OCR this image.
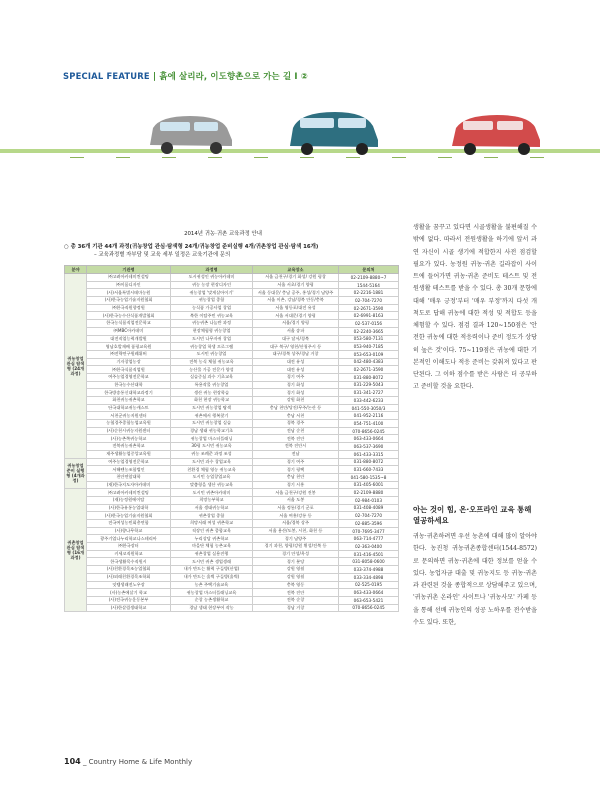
SPECIAL FEATURE | 흙에 살리라, 이도향촌으로 가는 길 Ⅰ ②
2014년 귀농·귀촌 교육과정 안내
○ 총 36개 기관 44개 과정(귀농창업 관심·탐색형 24개/귀농창업 준비실행 4개/귀촌창업 관심·탐색 16개)
– 교육과정별 자부담 및 교육 세부 일정은 교육기관에 문의
분야	기관명	과정명	교육장소	문의처
귀농창업 관심 탐색형 (24개과정)	㈜고려아카데미컨설팅	도시귀성인 귀농아카데미	서울 금천구/경기 화성/ 강원 평창	02-2109-8880~7
	㈜이룸디자인	귀농 농장 현장디자인	서울 서초/경기 양평	1544-5164
	(사)서울특별시테마농원	귀농창업 '맞게살아이기'	서울 동대문/ 충남 공주, 홍성/경기 남양주	02-2216-1881
	(사)한국농업기술지원협회	귀농창업 종합	서울 이촌, 강남/경북 안동/충북	02-704-7270
	㈜한국직원향정원	농식품 가공사업 창업	서울 영등포/대전 유성	02-2671-3590
	(사)한국농수산식품개발협회	북한 이탈주민 귀농교육	서울 서대문/경기 양평	02-6991-8163
	한국농식품직업전문학교	귀농귀촌 나눔반 과정	서울/경기 양평	02-537-0156
	㈜MBC아카데미	현장체험형 귀농창업	서울 송파	02-2240-3665
	대전직업능력개발원	도시민 나무자귀 창업	대구 달서/경북	053-580-7131
	영남호발재배 품평교육원	귀농창업 학생 프로그램	대구 북구/ 영천/산청주시 등	053-940-7185
	㈜전략연구원레위버	도시민 귀농창업	대구/경북 상주/경남 거창	053-653-0109
	기자창업농장	전북 농식 체험 귀농교육	대전 유성	042-480-4383
	㈜한국식품직업원	농산물 가공 전문가 양성	대전 유성	02-2671-3590
	여주농업경영전문학교	실습중심 과수 기초교육	경기 여주	031-880-8072
	한국농수산대학	특용작물 귀농창업	경기 화성	031-229-5043
	한국방송통신대학교과정기	생산 귀농 현장학습	경기 화성	031-341-2727
	화천귀농귀촌학교	화천 현장 귀농학교	강원 화천	033-442-6233
	단국대학교귀농캐스트	도시민 귀농창업 탐색	충남 천안/당진/무주/논산 등	041-550-3050/3
	서천군귀농지원센터	귀촌에서 행복찾기	충남 서천	041-952-2116
	농협경주종합농업교육원	도시민 귀농창업 실습	경북 경주	054-751-4100
	(사)순천시귀농지원센터	경남 생태 귀농학교기초	전남 순천	070-8656-0245
	(사)농촌쪽귀농학교	귀농창업 마스터플래닝	전북 진안	063-433-0664
	전북귀농귀촌학교	30평 도시민 귀농교육	전북 진안시	063-537-3690
	제주생활농업중앙교육원	귀농 조례준 과정 조성	전남	061-433-3315
귀농창업 준비 실행형 (4개과정)	여주농업경영전문학교	도시민 과수 창업교육	경기 여주	031-880-8072
	서해뗀농조합법인	친환경 체험 영농 귀농교육	경기 평택	031-660-7433
	천안연암대학	도시민 농업창업교육	충남 천안	041-580-1535~8
	(재)한국지도자아카데미	맞춤형을 생산 귀농교육	경기 시흥	031-405-6001
귀촌창업 관심 탐색형 (16개 과정)	㈜고려아카데미컨설팅	도시민 귀촌아카데미	서울 금천구/강원 진봉	02-2109-8880
	(재)농정원에이탈	희망농부학교	서울 도봉	02-984-0103
	(사)한국유통농업대학	서울 생태귀농학교	서울 정롱/경기 군포	031-408-4089
	(사)한국농업기술지원협회	귀촌창업 종합	서울 여흥/강릉 등	02-704-7270
	전국여성농민회총연합	희망서래 여성 귀촌학교	서울/경북 상주	02-885-3596
	(사)향나무학교	직장인 귀촌 종합교육	서울 용산/도봉, 시천, 화천 등	070-7695-3477
	광주기업나누리학교나스테리아	누리상담 귀촌학교	경기 남양주	063-714-4777
	㈜한국장터	마을단 체험 농촌교육	경기 과천, 양평/강원 횡성/전북 등	02-363-0400
	키세코직원학교	귀촌창업 실용진행	경기 안성/옥성	031-416-4501
	한국생활목수직원시	도시민 귀촌 생업생래	경기 분당	031-8058-0600
	(사)친환경목조농업협회	내가 만드는 활력 구들방(산업)	강원 영월	033-374-4988
	(사)외래친환경목조학회	내가 만드는 흙벽 구들방(흙벽)	강원 영월	033-334-4898
	잇템생래전노우장	농촌 주택기술교육	충북 영동	02-525-0195
	(사)농촌에살기 학교	귀농창업 마스터플래닝교육	전북 진안	063-433-0664
	(사)전국귀농운동본부	순창 농촌생활학교	전북 순창	063-653-5421
	(사)한살림생태학교	경남 생태 현장부어 작농	경남 거창	070-8656-0245
생활을 꿈꾸고 있다면 시골생활을 불편해질 수밖에 없다. 따라서 전원생활을 하기에 앞서 과연 자신이 시골 생기에 적합한지 사전 점검할 필요가 있다. 농정원 귀농·귀촌 길라잡이 사이트에 들어가면 귀농·귀촌 준비도 테스트 및 전원생활 테스트를 받을 수 있다. 총 30개 문항에 대해 '매우 긍정'부터 '매우 부정'까지 다섯 개 척도로 답해 귀농에 대한 적성 및 적합도 등을 체험할 수 있다. 점검 결과 120~150점은 '안전한 귀농에 대한 적응력이나 준비 정도가 상당히 높은 것'이다. 75~119점은 귀농에 대한 기본적인 이해도나 적응 준비는 갖춰져 있다고 판단된다. 그 이하 점수를 받은 사람은 더 공부하고 준비할 것을 요한다.
아는 것이 힘, 온·오프라인 교육 통해 열공하세요
귀농·귀촌하려면 우선 농촌에 대해 많이 알아야 한다. 농진청 귀농귀촌종합센터(1544-8572)로 문의하면 귀농·귀촌에 대한 정보를 얻을 수 있다. 농업자금 대출 및 귀농지도 등 귀농·귀촌과 관련된 것을 종합적으로 상담해주고 있으며, '귀농귀촌 온라인' 사이트나 '귀농사모' 카페 등을 통해 선배 귀농인의 성공 노하우를 전수받을 수도 있다. 또한,
104 _ Country Home & Life Monthly
